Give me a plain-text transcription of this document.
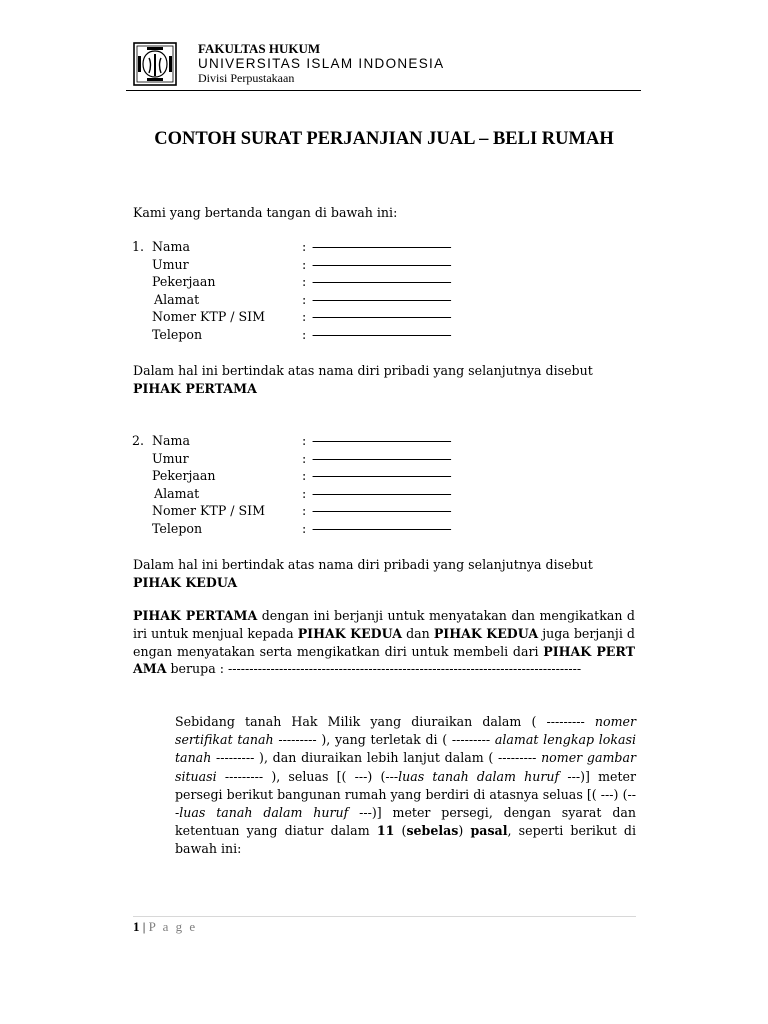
FAKULTAS HUKUM
UNIVERSITAS ISLAM INDONESIA
Divisi Perpustakaan
CONTOH SURAT PERJANJIAN JUAL – BELI RUMAH
Kami yang bertanda tangan di bawah ini:
1. Nama	: ----------------------------------------------------
Umur	: ----------------------------------------------------
Pekerjaan	: ----------------------------------------------------
Alamat	: ----------------------------------------------------
Nomer KTP / SIM	: ----------------------------------------------------
Telepon	: ----------------------------------------------------
Dalam hal ini bertindak atas nama diri pribadi yang selanjutnya disebut
PIHAK PERTAMA
2. Nama	: ----------------------------------------------------
Umur	: ----------------------------------------------------
Pekerjaan	: ----------------------------------------------------
Alamat	: ----------------------------------------------------
Nomer KTP / SIM	: ----------------------------------------------------
Telepon	: ----------------------------------------------------
Dalam hal ini bertindak atas nama diri pribadi yang selanjutnya disebut
PIHAK KEDUA
PIHAK PERTAMA dengan ini berjanji untuk menyatakan dan mengikatkan diri untuk menjual kepada PIHAK KEDUA dan PIHAK KEDUA juga berjanji dengan menyatakan serta mengikatkan diri untuk membeli dari PIHAK PERTAMA berupa : -----------------------------------------------------------------------------------
Sebidang tanah Hak Milik yang diuraikan dalam ( --------- nomer sertifikat tanah --------- ), yang terletak di ( --------- alamat lengkap lokasi tanah --------- ), dan diuraikan lebih lanjut dalam ( --------- nomer gambar situasi --------- ), seluas [( ---) (---luas tanah dalam huruf ---)] meter persegi berikut bangunan rumah yang berdiri di atasnya seluas [( ---) (---luas tanah dalam huruf ---)] meter persegi, dengan syarat dan ketentuan yang diatur dalam 11 (sebelas) pasal, seperti berikut di bawah ini:
1 | P a g e
